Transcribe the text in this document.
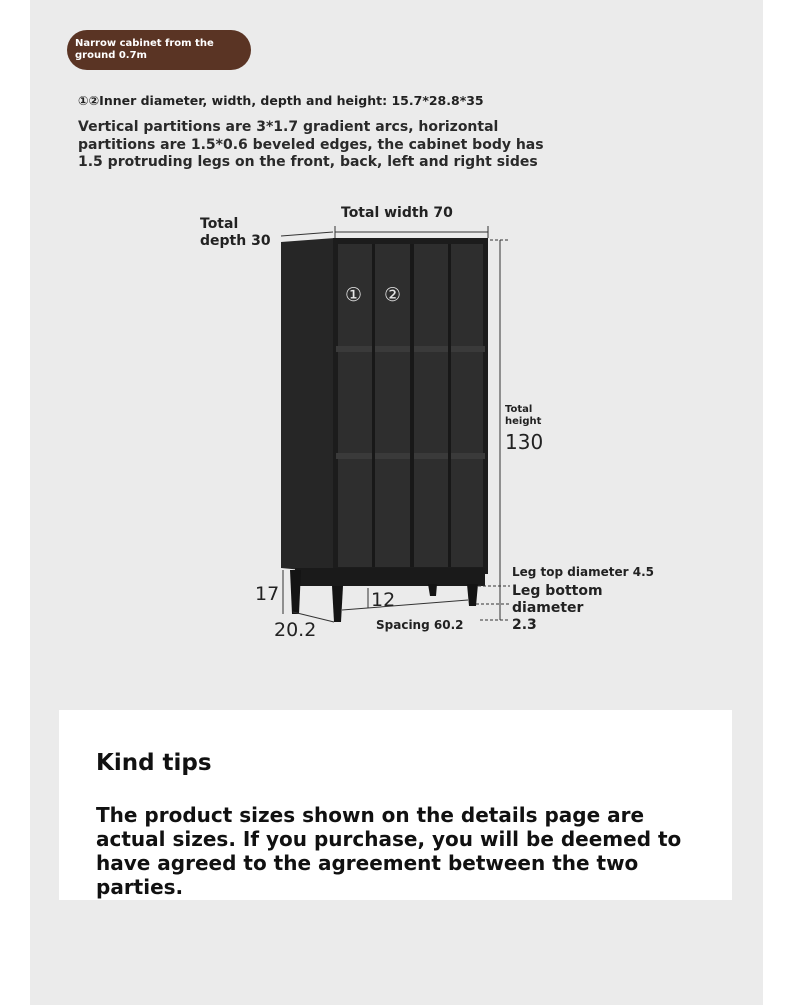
Narrow cabinet from the ground 0.7m
①②Inner diameter, width, depth and height: 15.7*28.8*35
Vertical partitions are 3*1.7 gradient arcs, horizontal partitions are 1.5*0.6 beveled edges, the cabinet body has 1.5 protruding legs on the front, back, left and right sides
Total depth 30
Total width 70
Total height
130
① ②
17
20.2
12
Spacing 60.2
Leg top diameter 4.5
Leg bottom diameter 2.3
Kind tips
The product sizes shown on the details page are actual sizes. If you purchase, you will be deemed to have agreed to the agreement between the two parties.
